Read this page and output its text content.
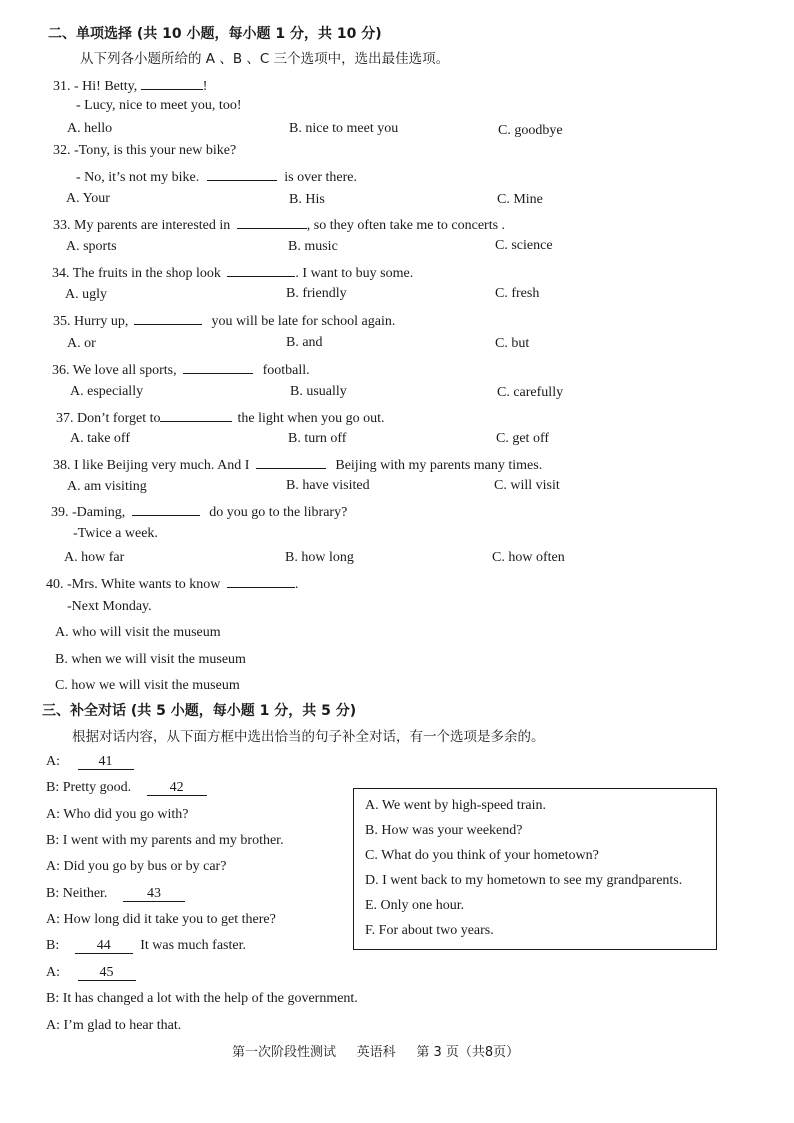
二、单项选择 (共 10 小题，每小题 1 分，共 10 分)
从下列各小题所给的 A 、B 、C 三个选项中，选出最佳选项。
31. - Hi! Betty,	!
- Lucy, nice to meet you, too!
A. hello	B. nice to meet you	C. goodbye
32. -Tony, is this your new bike?
- No, it’s not my bike.	is over there.
A. Your	B. His	C. Mine
33. My parents are interested in	, so they often take me to concerts .
A. sports	B. music	C. science
34. The fruits in the shop look	. I want to buy some.
A. ugly	B. friendly	C. fresh
35. Hurry up,	you will be late for school again.
A. or	B. and	C. but
36. We love all sports,	football.
A. especially	B. usually	C. carefully
37. Don’t forget to	the light when you go out.
A. take off	B. turn off	C. get off
38. I like Beijing very much. And I	Beijing with my parents many times.
A. am visiting	B. have visited	C. will visit
39. -Daming,	do you go to the library?
-Twice a week.
A. how far	B. how long	C. how often
40. -Mrs. White wants to know	.
-Next Monday.
A. who will visit the museum
B. when we will visit the museum
C. how we will visit the museum
三、补全对话 (共 5 小题，每小题 1 分，共 5 分)
根据对话内容，从下面方框中选出恰当的句子补全对话，有一个选项是多余的。
A:	41
B: Pretty good.	42
A: Who did you go with?
B: I went with my parents and my brother.
A: Did you go by bus or by car?
B: Neither.	43
A: How long did it take you to get there?
B:	44 It was much faster.
A:	45
B: It has changed a lot with the help of the government.
A: I’m glad to hear that.
A. We went by high-speed train.
B. How was your weekend?
C. What do you think of your hometown?
D. I went back to my hometown to see my grandparents.
E. Only one hour.
F. For about two years.
第一次阶段性测试     英语科     第 3 页（共8页）
